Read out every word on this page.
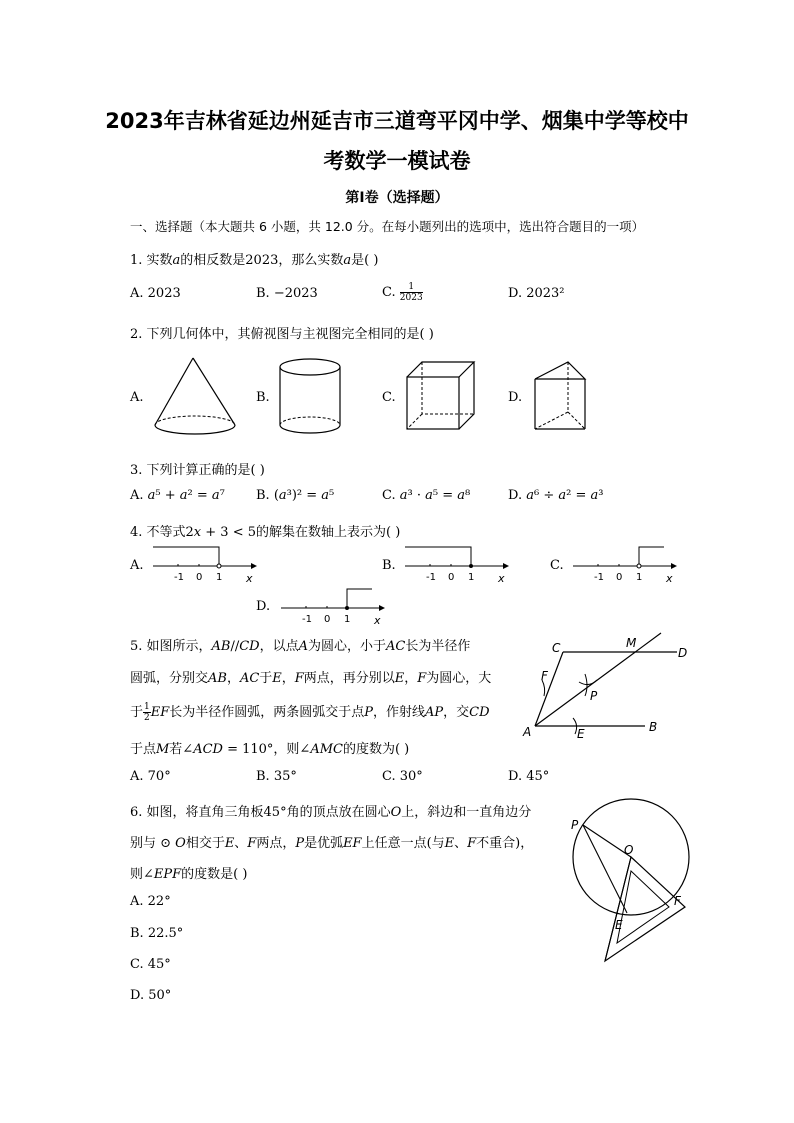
2023年吉林省延边州延吉市三道弯平冈中学、烟集中学等校中
考数学一模试卷
第I卷（选择题）
一、选择题（本大题共 6 小题，共 12.0 分。在每小题列出的选项中，选出符合题目的一项）
1. 实数𝑎的相反数是2023，那么实数𝑎是( )
A. 2023	B. −2023	C. $\frac{1}{2023}$	D. 2023²
2. 下列几何体中，其俯视图与主视图完全相同的是( )
A.	B.	C.	D.
3. 下列计算正确的是( )
A. 𝑎⁵ + 𝑎² = 𝑎⁷ B. (𝑎³)² = 𝑎⁵	C. 𝑎³ · 𝑎⁵ = 𝑎⁸	D. 𝑎⁶ ÷ 𝑎² = 𝑎³
4. 不等式2𝑥 + 3 < 5的解集在数轴上表示为( )
A.	B.	C.
D.
-1 0 1 x	-1 0 1 x	-1 0 1 x
-1 0 1 x
5. 如图所示，𝐴𝐵//𝐶𝐷，以点𝐴为圆心，小于𝐴𝐶长为半径作
圆弧，分别交𝐴𝐵，𝐴𝐶于𝐸，𝐹两点，再分别以𝐸，𝐹为圆心，大
于 $\frac{1}{2}$ 𝐸𝐹长为半径作圆弧，两条圆弧交于点𝑃，作射线𝐴𝑃，交𝐶𝐷
于点𝑀若∠𝐴𝐶𝐷 = 110°，则∠𝐴𝑀𝐶的度数为( )
A. 70°	B. 35°	C. 30°	D. 45°
C	M
D
F
P
A	E	B
6. 如图，将直角三角板45°角的顶点放在圆心𝑂上，斜边和一直角边分
别与 ⊙ 𝑂相交于𝐸、𝐹两点，𝑃是优弧𝐸𝐹上任意一点(与𝐸、𝐹不重合)，
则∠𝐸𝑃𝐹的度数是( )
A. 22°
B. 22.5°
C. 45°
D. 50°
P
O
E
F
